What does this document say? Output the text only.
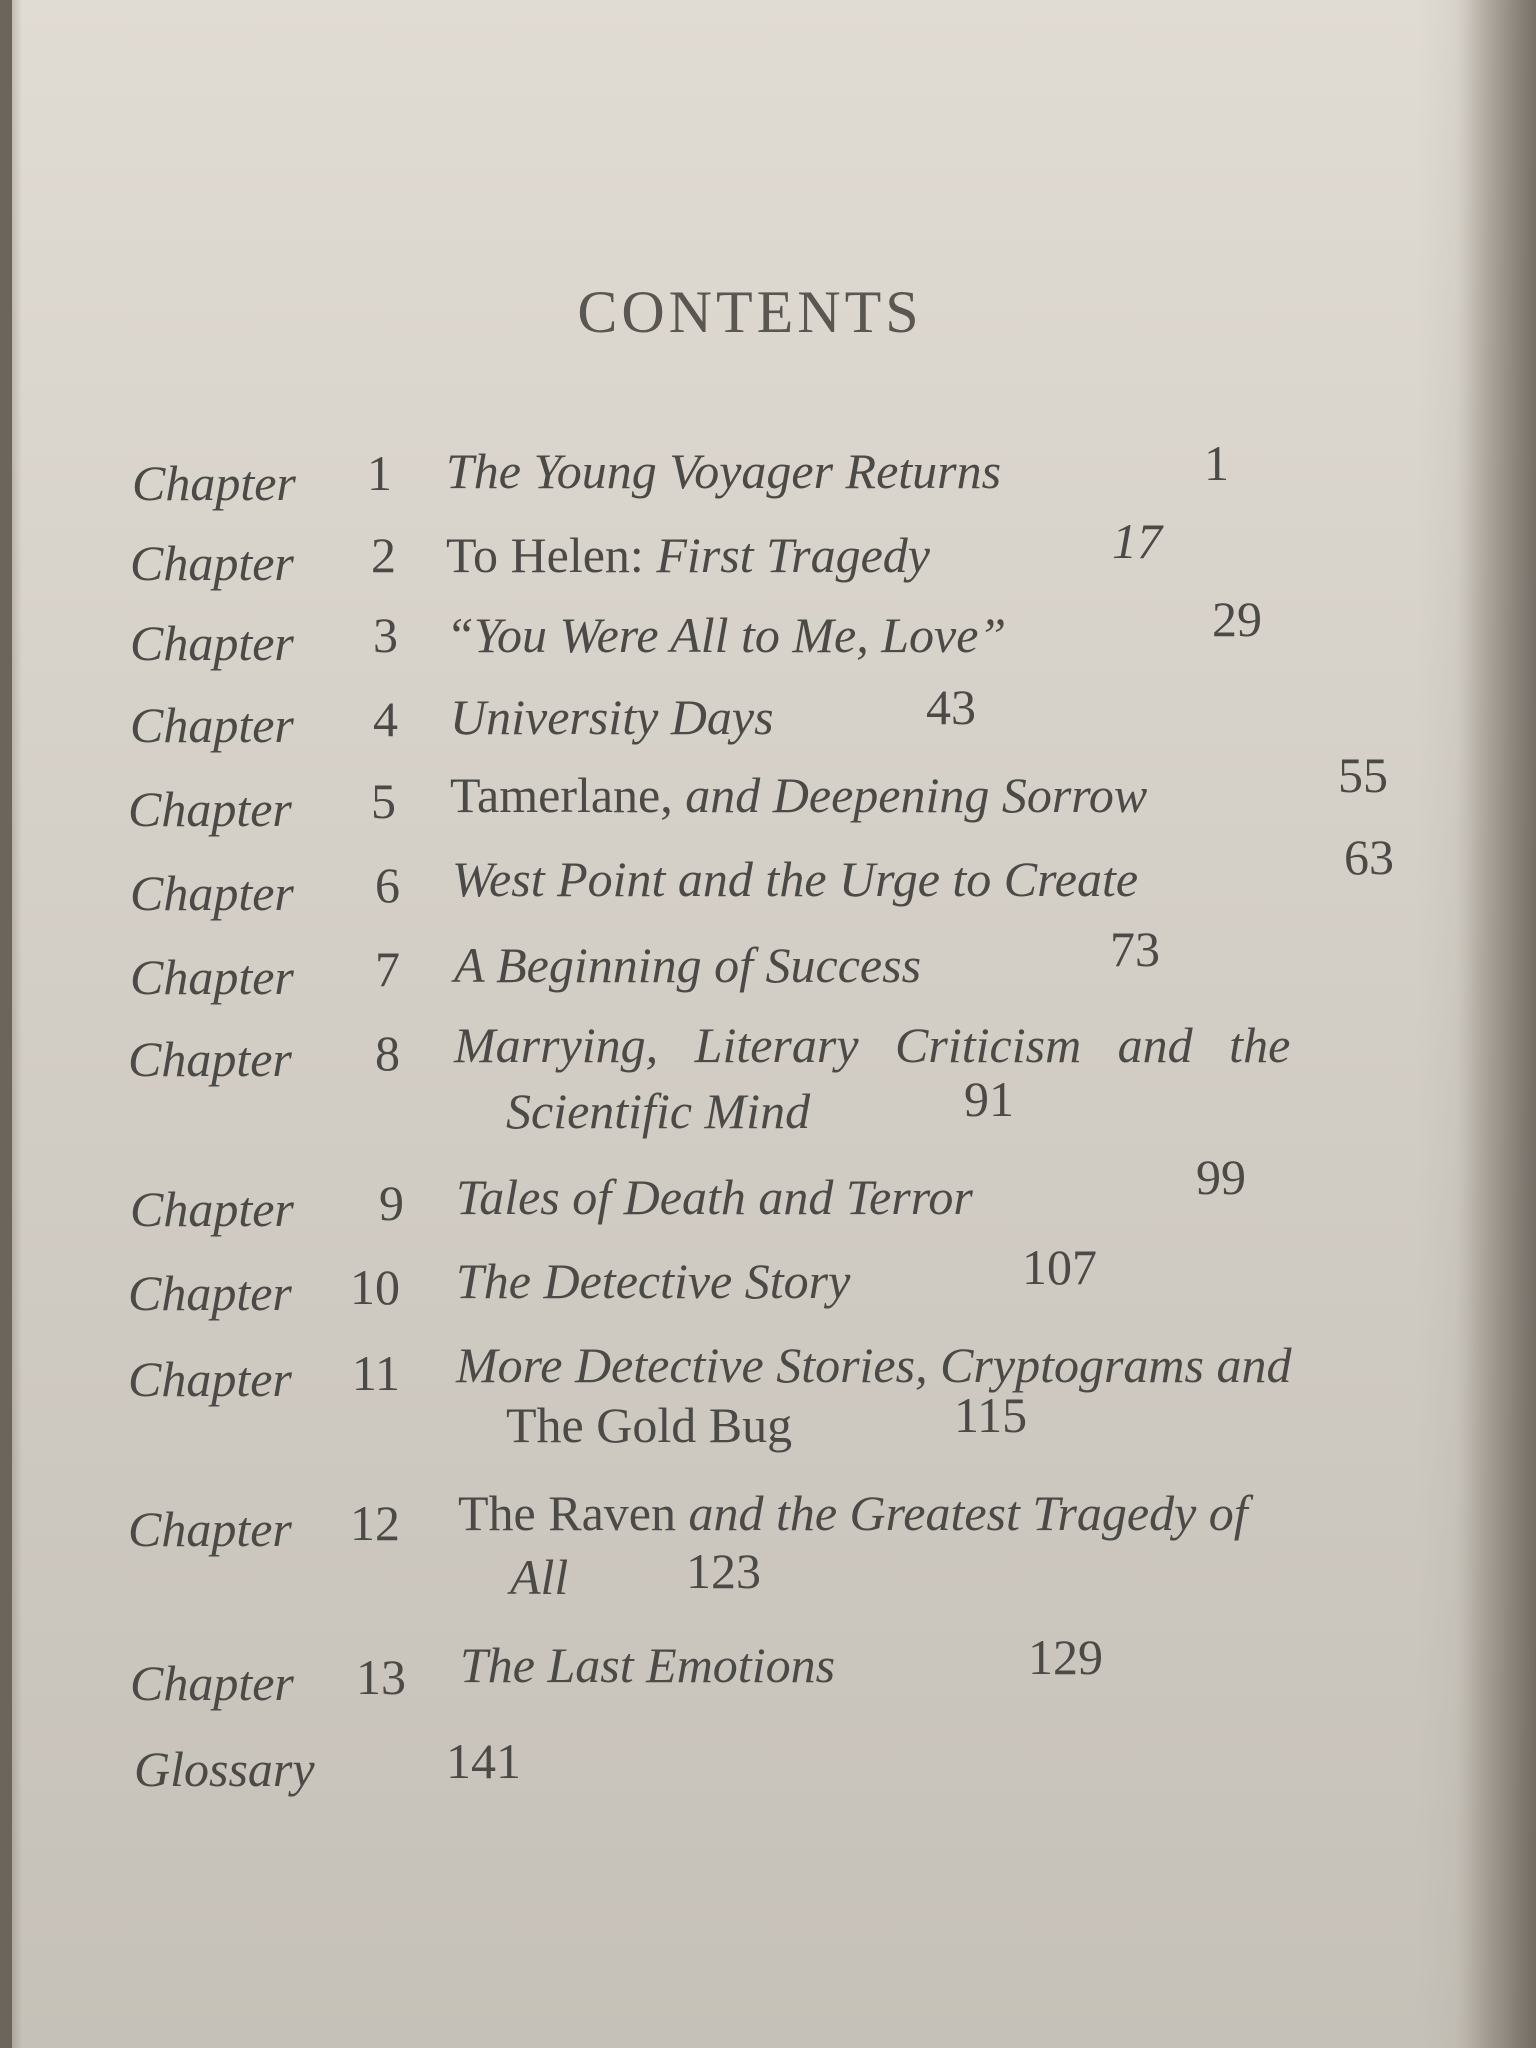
CONTENTS
Chapter	1 The Young Voyager Returns	1
Chapter	2 To Helen: First Tragedy	17
Chapter	3 “You Were All to Me, Love”	29
Chapter	4 University Days	43
Chapter	5 Tamerlane, and Deepening Sorrow	55
Chapter	6 West Point and the Urge to Create	63
Chapter	7 A Beginning of Success	73
Chapter	8 Marrying, Literary Criticism and the
Scientific Mind	91
Chapter	9 Tales of Death and Terror	99
Chapter	10 The Detective Story	107
Chapter	11 More Detective Stories, Cryptograms and
The Gold Bug	115
Chapter	12 The Raven and the Greatest Tragedy of
All 123
Chapter	13 The Last Emotions	129
Glossary	141
